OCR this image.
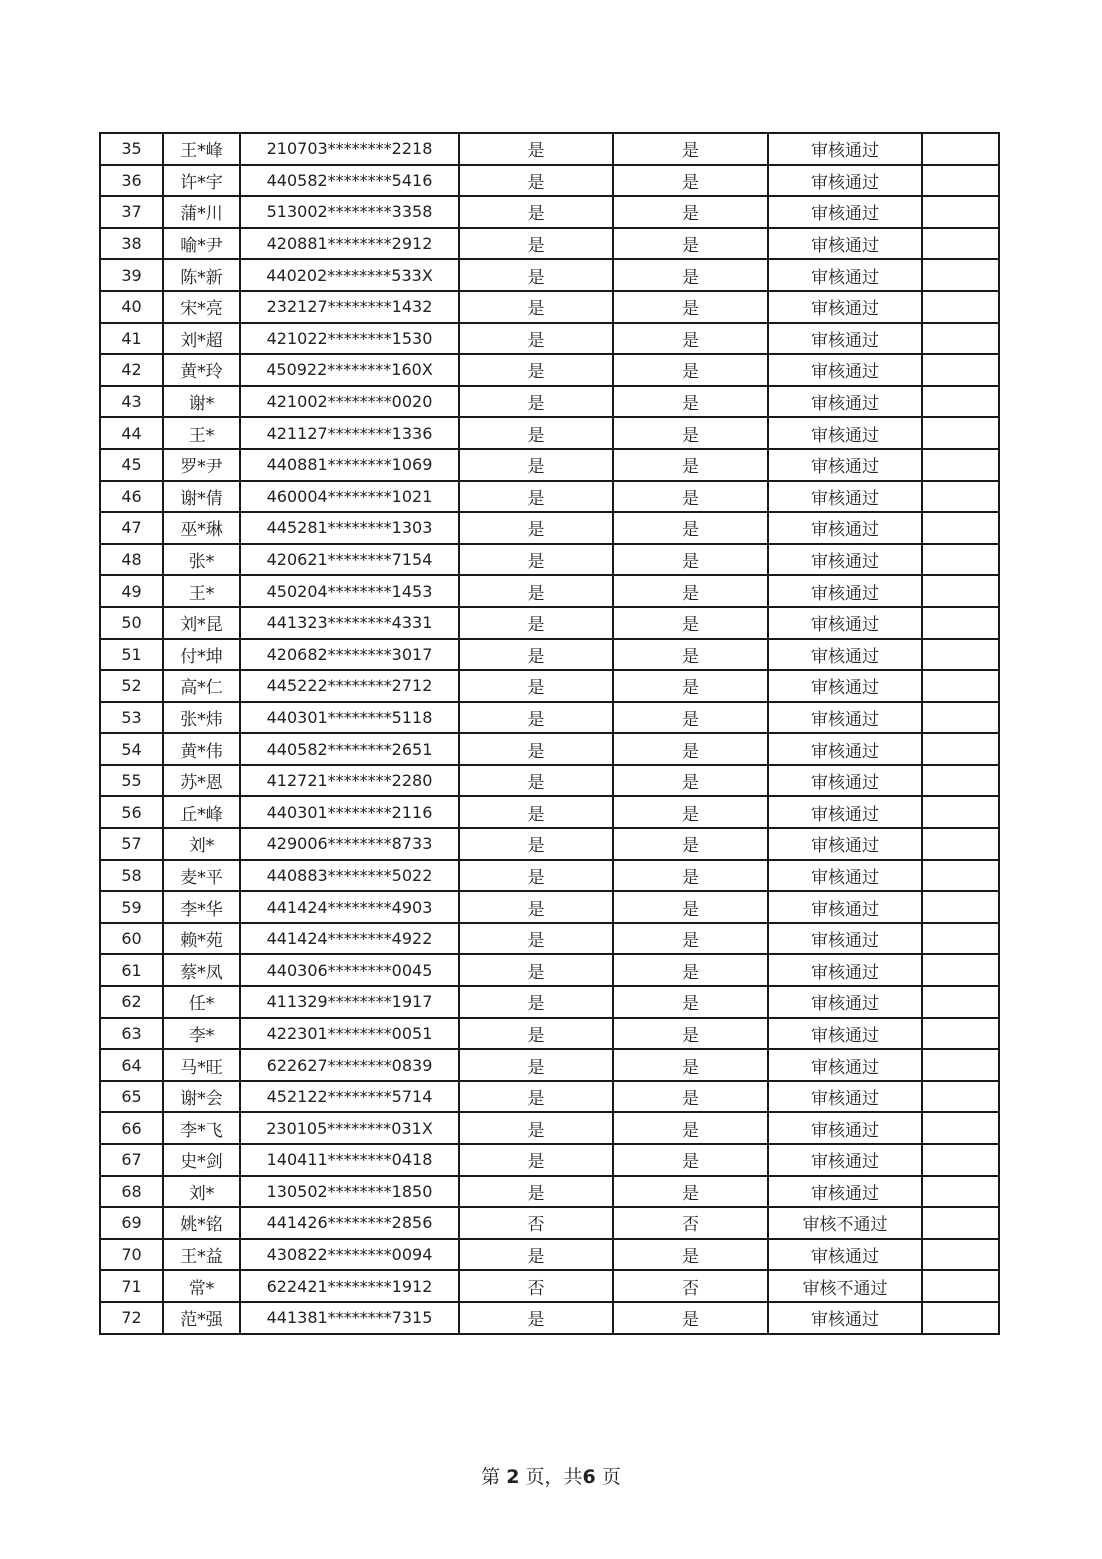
35	王*峰	210703********2218	是	是	审核通过	
36	许*宇	440582********5416	是	是	审核通过	
37	蒲*川	513002********3358	是	是	审核通过	
38	喻*尹	420881********2912	是	是	审核通过	
39	陈*新	440202********533X	是	是	审核通过	
40	宋*亮	232127********1432	是	是	审核通过	
41	刘*超	421022********1530	是	是	审核通过	
42	黄*玲	450922********160X	是	是	审核通过	
43	谢*	421002********0020	是	是	审核通过	
44	王*	421127********1336	是	是	审核通过	
45	罗*尹	440881********1069	是	是	审核通过	
46	谢*倩	460004********1021	是	是	审核通过	
47	巫*琳	445281********1303	是	是	审核通过	
48	张*	420621********7154	是	是	审核通过	
49	王*	450204********1453	是	是	审核通过	
50	刘*昆	441323********4331	是	是	审核通过	
51	付*坤	420682********3017	是	是	审核通过	
52	高*仁	445222********2712	是	是	审核通过	
53	张*炜	440301********5118	是	是	审核通过	
54	黄*伟	440582********2651	是	是	审核通过	
55	苏*恩	412721********2280	是	是	审核通过	
56	丘*峰	440301********2116	是	是	审核通过	
57	刘*	429006********8733	是	是	审核通过	
58	麦*平	440883********5022	是	是	审核通过	
59	李*华	441424********4903	是	是	审核通过	
60	赖*苑	441424********4922	是	是	审核通过	
61	蔡*凤	440306********0045	是	是	审核通过	
62	任*	411329********1917	是	是	审核通过	
63	李*	422301********0051	是	是	审核通过	
64	马*旺	622627********0839	是	是	审核通过	
65	谢*会	452122********5714	是	是	审核通过	
66	李*飞	230105********031X	是	是	审核通过	
67	史*剑	140411********0418	是	是	审核通过	
68	刘*	130502********1850	是	是	审核通过	
69	姚*铭	441426********2856	否	否	审核不通过	
70	王*益	430822********0094	是	是	审核通过	
71	常*	622421********1912	否	否	审核不通过	
72	范*强	441381********7315	是	是	审核通过	
第 2 页，共6 页
